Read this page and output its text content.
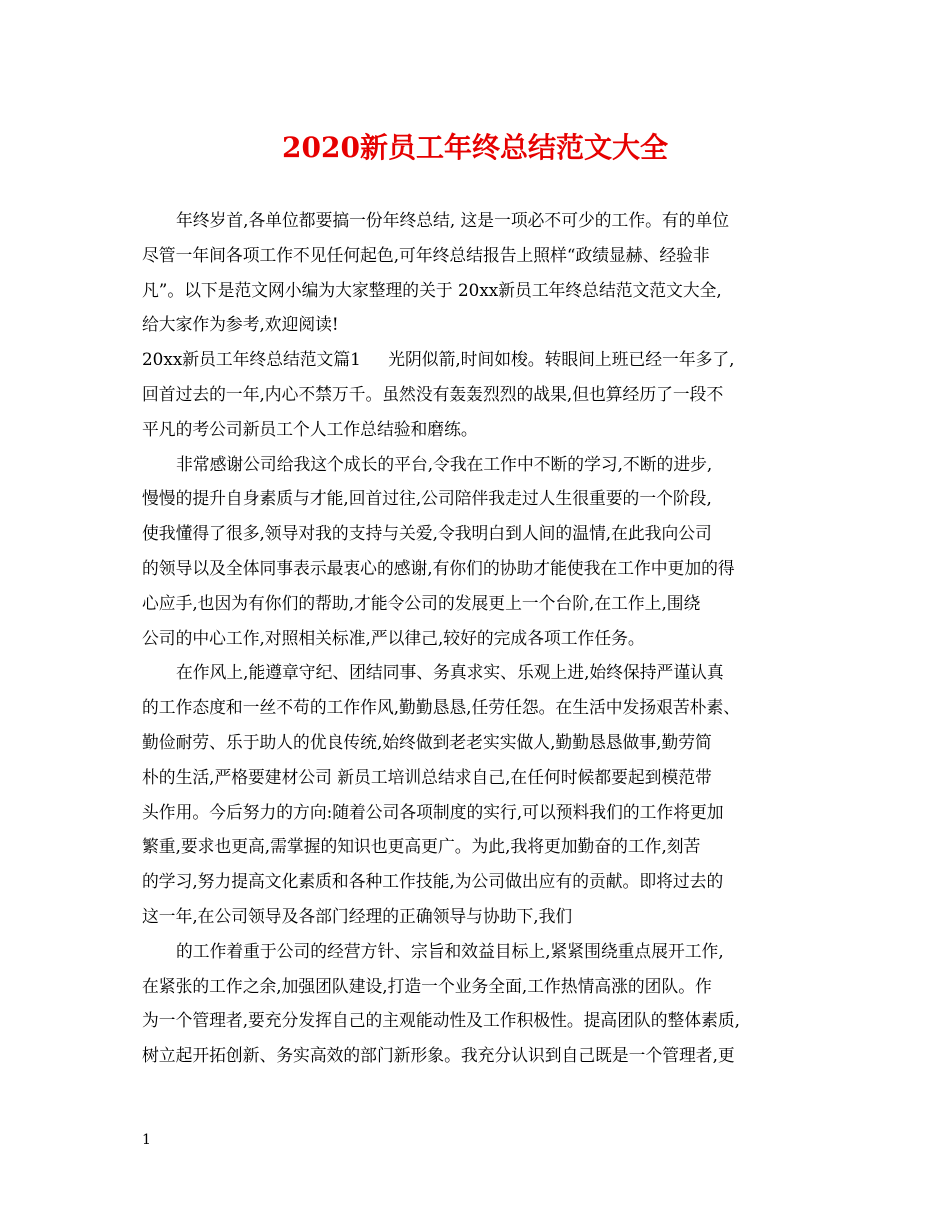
2020新员工年终总结范文大全
年终岁首,各单位都要搞一份年终总结, 这是一项必不可少的工作。有的单位
尽管一年间各项工作不见任何起色,可年终总结报告上照样“政绩显赫、经验非
凡”。以下是范文网小编为大家整理的关于 20xx新员工年终总结范文范文大全,
给大家作为参考,欢迎阅读!
20xx新员工年终总结范文篇1 　 光阴似箭,时间如梭。转眼间上班已经一年多了,
回首过去的一年,内心不禁万千。虽然没有轰轰烈烈的战果,但也算经历了一段不
平凡的考公司新员工个人工作总结验和磨练。
非常感谢公司给我这个成长的平台,令我在工作中不断的学习,不断的进步,
慢慢的提升自身素质与才能,回首过往,公司陪伴我走过人生很重要的一个阶段,
使我懂得了很多,领导对我的支持与关爱,令我明白到人间的温情,在此我向公司
的领导以及全体同事表示最衷心的感谢,有你们的协助才能使我在工作中更加的得
心应手,也因为有你们的帮助,才能令公司的发展更上一个台阶,在工作上,围绕
公司的中心工作,对照相关标准,严以律己,较好的完成各项工作任务。
在作风上,能遵章守纪、团结同事、务真求实、乐观上进,始终保持严谨认真
的工作态度和一丝不苟的工作作风,勤勤恳恳,任劳任怨。在生活中发扬艰苦朴素、
勤俭耐劳、乐于助人的优良传统,始终做到老老实实做人,勤勤恳恳做事,勤劳简
朴的生活,严格要建材公司 新员工培训总结求自己,在任何时候都要起到模范带
头作用。今后努力的方向:随着公司各项制度的实行,可以预料我们的工作将更加
繁重,要求也更高,需掌握的知识也更高更广。为此,我将更加勤奋的工作,刻苦
的学习,努力提高文化素质和各种工作技能,为公司做出应有的贡献。即将过去的
这一年,在公司领导及各部门经理的正确领导与协助下,我们
的工作着重于公司的经营方针、宗旨和效益目标上,紧紧围绕重点展开工作,
在紧张的工作之余,加强团队建设,打造一个业务全面,工作热情高涨的团队。作
为一个管理者,要充分发挥自己的主观能动性及工作积极性。提高团队的整体素质,
树立起开拓创新、务实高效的部门新形象。我充分认识到自己既是一个管理者,更
1
